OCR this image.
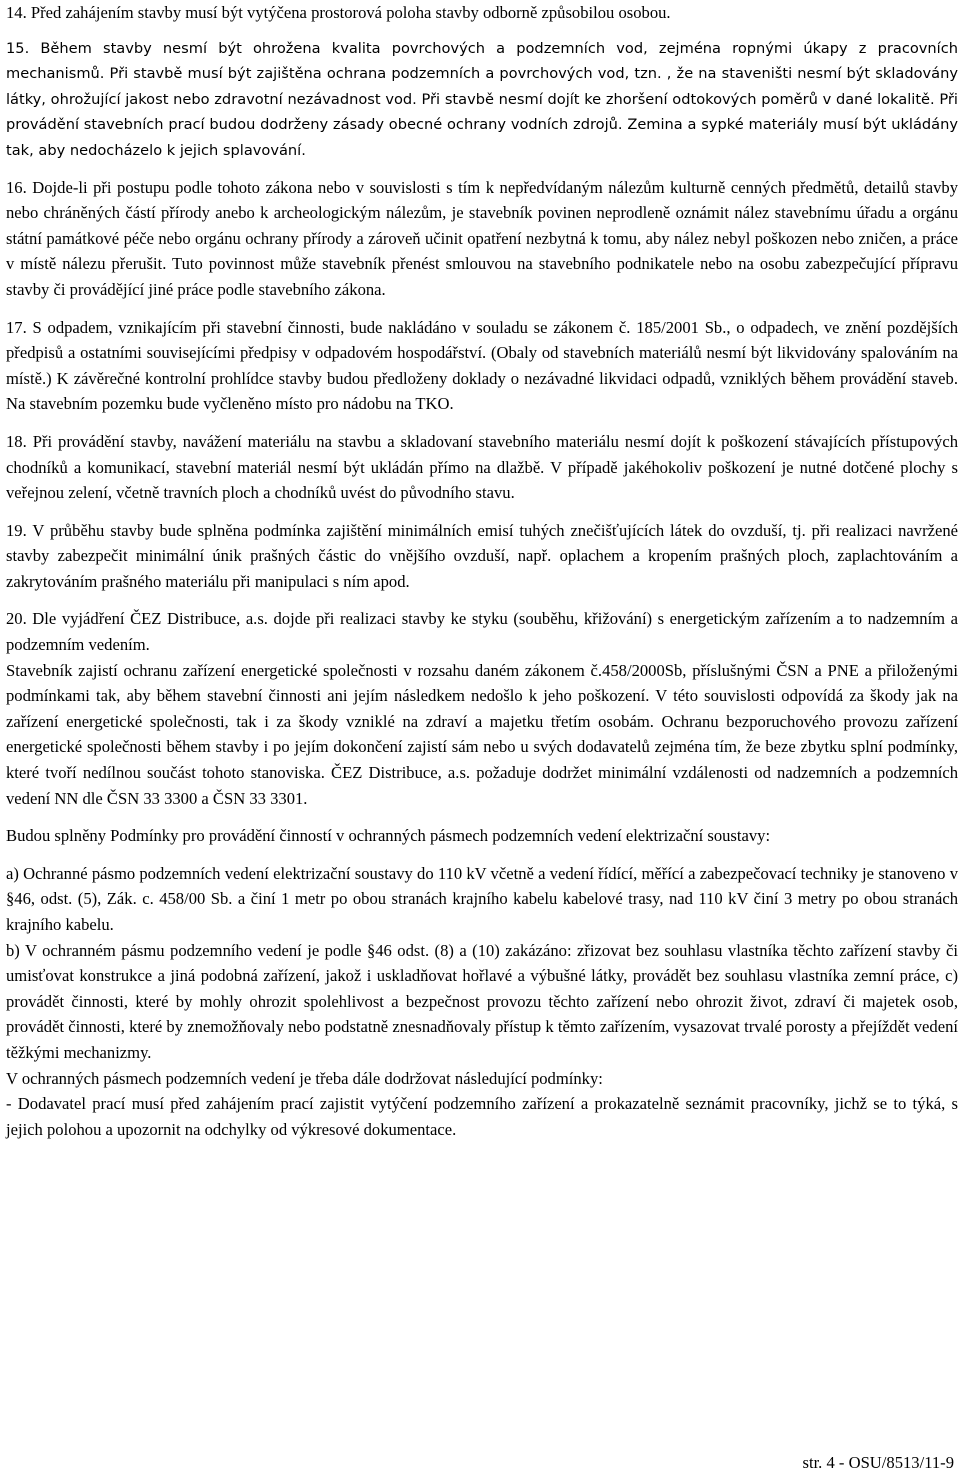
14. Před zahájením stavby musí být vytýčena prostorová poloha stavby odborně způsobilou osobou.

15. Během stavby nesmí být ohrožena kvalita povrchových a podzemních vod, zejména ropnými úkapy z pracovních mechanismů. Při stavbě musí být zajištěna ochrana podzemních a povrchových vod, tzn. , že na staveništi nesmí být skladovány látky, ohrožující jakost nebo zdravotní nezávadnost vod. Při stavbě nesmí dojít ke zhoršení odtokových poměrů v dané lokalitě. Při provádění stavebních prací budou dodrženy zásady obecné ochrany vodních zdrojů. Zemina a sypké materiály musí být ukládány tak, aby nedocházelo k jejich splavování.

16. Dojde-li při postupu podle tohoto zákona nebo v souvislosti s tím k nepředvídaným nálezům kulturně cenných předmětů, detailů stavby nebo chráněných částí přírody anebo k archeologickým nálezům, je stavebník povinen neprodleně oznámit nález stavebnímu úřadu a orgánu státní památkové péče nebo orgánu ochrany přírody a zároveň učinit opatření nezbytná k tomu, aby nález nebyl poškozen nebo zničen, a práce v místě nálezu přerušit. Tuto povinnost může stavebník přenést smlouvou na stavebního podnikatele nebo na osobu zabezpečující přípravu stavby či provádějící jiné práce podle stavebního zákona.

17. S odpadem, vznikajícím při stavební činnosti, bude nakládáno v souladu se zákonem č. 185/2001 Sb., o odpadech, ve znění pozdějších předpisů a ostatními souvisejícími předpisy v odpadovém hospodářství. (Obaly od stavebních materiálů nesmí být likvidovány spalováním na místě.) K závěrečné kontrolní prohlídce stavby budou předloženy doklady o nezávadné likvidaci odpadů, vzniklých během provádění staveb. Na stavebním pozemku bude vyčleněno místo pro nádobu na TKO.

18. Při provádění stavby, navážení materiálu na stavbu a skladovaní stavebního materiálu nesmí dojít k poškození stávajících přístupových chodníků a komunikací, stavební materiál nesmí být ukládán přímo na dlažbě. V případě jakéhokoliv poškození je nutné dotčené plochy s veřejnou zelení, včetně travních ploch a chodníků uvést do původního stavu.

19. V průběhu stavby bude splněna podmínka zajištění minimálních emisí tuhých znečišťujících látek do ovzduší, tj. při realizaci navržené stavby zabezpečit minimální únik prašných částic do vnějšího ovzduší, např. oplachem a kropením prašných ploch, zaplachtováním a zakrytováním prašného materiálu při manipulaci s ním apod.

20. Dle vyjádření ČEZ Distribuce, a.s. dojde při realizaci stavby ke styku (souběhu, křižování) s energetickým zařízením a to nadzemním a podzemním vedením.

Stavebník zajistí ochranu zařízení energetické společnosti v rozsahu daném zákonem č.458/2000Sb, příslušnými ČSN a PNE a přiloženými podmínkami tak, aby během stavební činnosti ani jejím následkem nedošlo k jeho poškození. V této souvislosti odpovídá za škody jak na zařízení energetické společnosti, tak i za škody vzniklé na zdraví a majetku třetím osobám. Ochranu bezporuchového provozu zařízení energetické společnosti během stavby i po jejím dokončení zajistí sám nebo u svých dodavatelů zejména tím, že beze zbytku splní podmínky, které tvoří nedílnou součást tohoto stanoviska. ČEZ Distribuce, a.s. požaduje dodržet minimální vzdálenosti od nadzemních a podzemních vedení NN dle ČSN 33 3300 a ČSN 33 3301.

Budou splněny Podmínky pro provádění činností v ochranných pásmech podzemních vedení elektrizační soustavy:

a) Ochranné pásmo podzemních vedení elektrizační soustavy do 110 kV včetně a vedení řídící, měřící a zabezpečovací techniky je stanoveno v §46, odst. (5), Zák. c. 458/00 Sb. a činí 1 metr po obou stranách krajního kabelu kabelové trasy, nad 110 kV činí 3 metry po obou stranách krajního kabelu.

b) V ochranném pásmu podzemního vedení je podle §46 odst. (8) a (10) zakázáno: zřizovat bez souhlasu vlastníka těchto zařízení stavby či umisťovat konstrukce a jiná podobná zařízení, jakož i uskladňovat hořlavé a výbušné látky, provádět bez souhlasu vlastníka zemní práce, c) provádět činnosti, které by mohly ohrozit spolehlivost a bezpečnost provozu těchto zařízení nebo ohrozit život, zdraví či majetek osob, provádět činnosti, které by znemožňovaly nebo podstatně znesnadňovaly přístup k těmto zařízením, vysazovat trvalé porosty a přejíždět vedení těžkými mechanizmy.

V ochranných pásmech podzemních vedení je třeba dále dodržovat následující podmínky:

- Dodavatel prací musí před zahájením prací zajistit vytýčení podzemního zařízení a prokazatelně seznámit pracovníky, jichž se to týká, s jejich polohou a upozornit na odchylky od výkresové dokumentace.

str. 4 - OSU/8513/11-9
